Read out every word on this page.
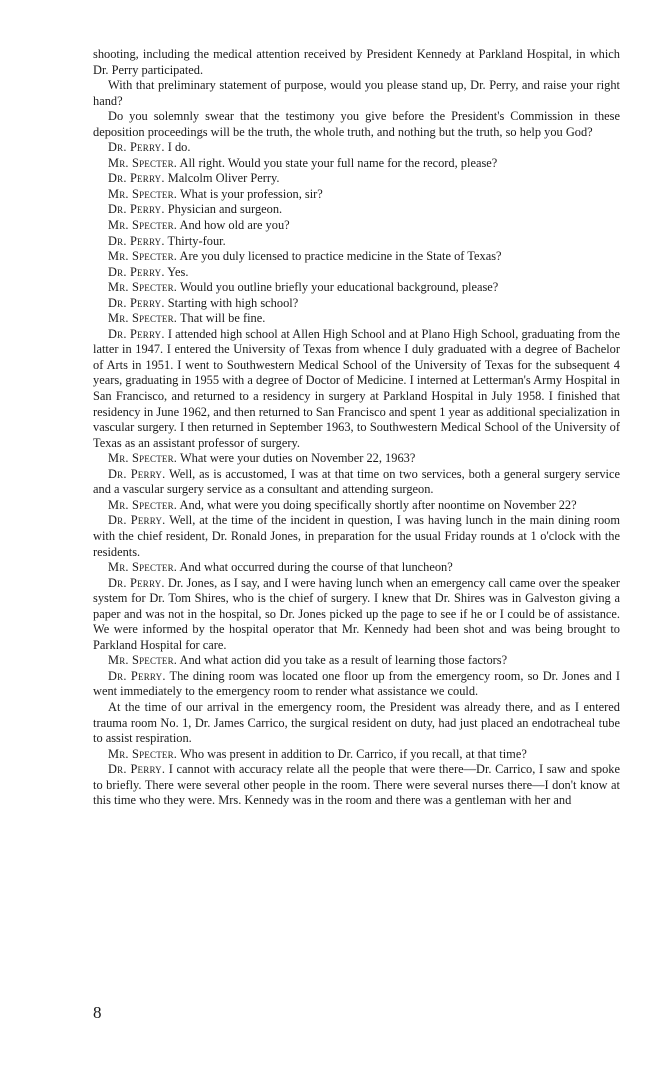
shooting, including the medical attention received by President Kennedy at Parkland Hospital, in which Dr. Perry participated.

With that preliminary statement of purpose, would you please stand up, Dr. Perry, and raise your right hand?

Do you solemnly swear that the testimony you give before the President's Commission in these deposition proceedings will be the truth, the whole truth, and nothing but the truth, so help you God?

Dr. Perry. I do.

Mr. Specter. All right. Would you state your full name for the record, please?

Dr. Perry. Malcolm Oliver Perry.

Mr. Specter. What is your profession, sir?

Dr. Perry. Physician and surgeon.

Mr. Specter. And how old are you?

Dr. Perry. Thirty-four.

Mr. Specter. Are you duly licensed to practice medicine in the State of Texas?

Dr. Perry. Yes.

Mr. Specter. Would you outline briefly your educational background, please?

Dr. Perry. Starting with high school?

Mr. Specter. That will be fine.

Dr. Perry. I attended high school at Allen High School and at Plano High School, graduating from the latter in 1947. I entered the University of Texas from whence I duly graduated with a degree of Bachelor of Arts in 1951. I went to Southwestern Medical School of the University of Texas for the subsequent 4 years, graduating in 1955 with a degree of Doctor of Medicine. I interned at Letterman's Army Hospital in San Francisco, and returned to a residency in surgery at Parkland Hospital in July 1958. I finished that residency in June 1962, and then returned to San Francisco and spent 1 year as additional specialization in vascular surgery. I then returned in September 1963, to Southwestern Medical School of the University of Texas as an assistant professor of surgery.

Mr. Specter. What were your duties on November 22, 1963?

Dr. Perry. Well, as is accustomed, I was at that time on two services, both a general surgery service and a vascular surgery service as a consultant and attending surgeon.

Mr. Specter. And, what were you doing specifically shortly after noontime on November 22?

Dr. Perry. Well, at the time of the incident in question, I was having lunch in the main dining room with the chief resident, Dr. Ronald Jones, in preparation for the usual Friday rounds at 1 o'clock with the residents.

Mr. Specter. And what occurred during the course of that luncheon?

Dr. Perry. Dr. Jones, as I say, and I were having lunch when an emergency call came over the speaker system for Dr. Tom Shires, who is the chief of surgery. I knew that Dr. Shires was in Galveston giving a paper and was not in the hospital, so Dr. Jones picked up the page to see if he or I could be of assistance. We were informed by the hospital operator that Mr. Kennedy had been shot and was being brought to Parkland Hospital for care.

Mr. Specter. And what action did you take as a result of learning those factors?

Dr. Perry. The dining room was located one floor up from the emergency room, so Dr. Jones and I went immediately to the emergency room to render what assistance we could.

At the time of our arrival in the emergency room, the President was already there, and as I entered trauma room No. 1, Dr. James Carrico, the surgical resident on duty, had just placed an endotracheal tube to assist respiration.

Mr. Specter. Who was present in addition to Dr. Carrico, if you recall, at that time?

Dr. Perry. I cannot with accuracy relate all the people that were there—Dr. Carrico, I saw and spoke to briefly. There were several other people in the room. There were several nurses there—I don't know at this time who they were. Mrs. Kennedy was in the room and there was a gentleman with her and

8
